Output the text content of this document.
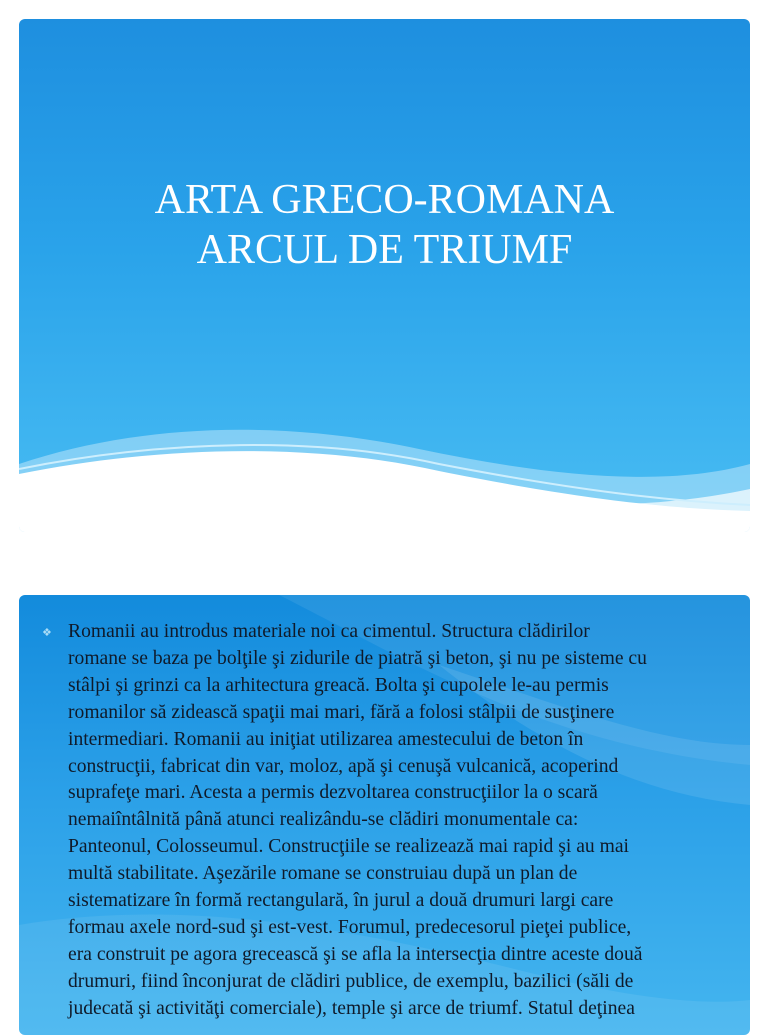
ARTA GRECO-ROMANA
ARCUL DE TRIUMF
❖ Romanii au introdus materiale noi ca cimentul. Structura clădirilor
romane se baza pe bolţile şi zidurile de piatră şi beton, şi nu pe sisteme cu
stâlpi şi grinzi ca la arhitectura greacă. Bolta şi cupolele le-au permis
romanilor să zidească spaţii mai mari, fără a folosi stâlpii de susţinere
intermediari. Romanii au iniţiat utilizarea amestecului de beton în
construcţii, fabricat din var, moloz, apă şi cenuşă vulcanică, acoperind
suprafeţe mari. Acesta a permis dezvoltarea construcţiilor la o scară
nemaiîntâlnită până atunci realizându-se clădiri monumentale ca:
Panteonul, Colosseumul. Construcţiile se realizează mai rapid şi au mai
multă stabilitate. Aşezările romane se construiau după un plan de
sistematizare în formă rectangulară, în jurul a două drumuri largi care
formau axele nord-sud şi est-vest. Forumul, predecesorul pieţei publice,
era construit pe agora grecească şi se afla la intersecţia dintre aceste două
drumuri, fiind înconjurat de clădiri publice, de exemplu, bazilici (săli de
judecată şi activităţi comerciale), temple şi arce de triumf. Statul deţinea
